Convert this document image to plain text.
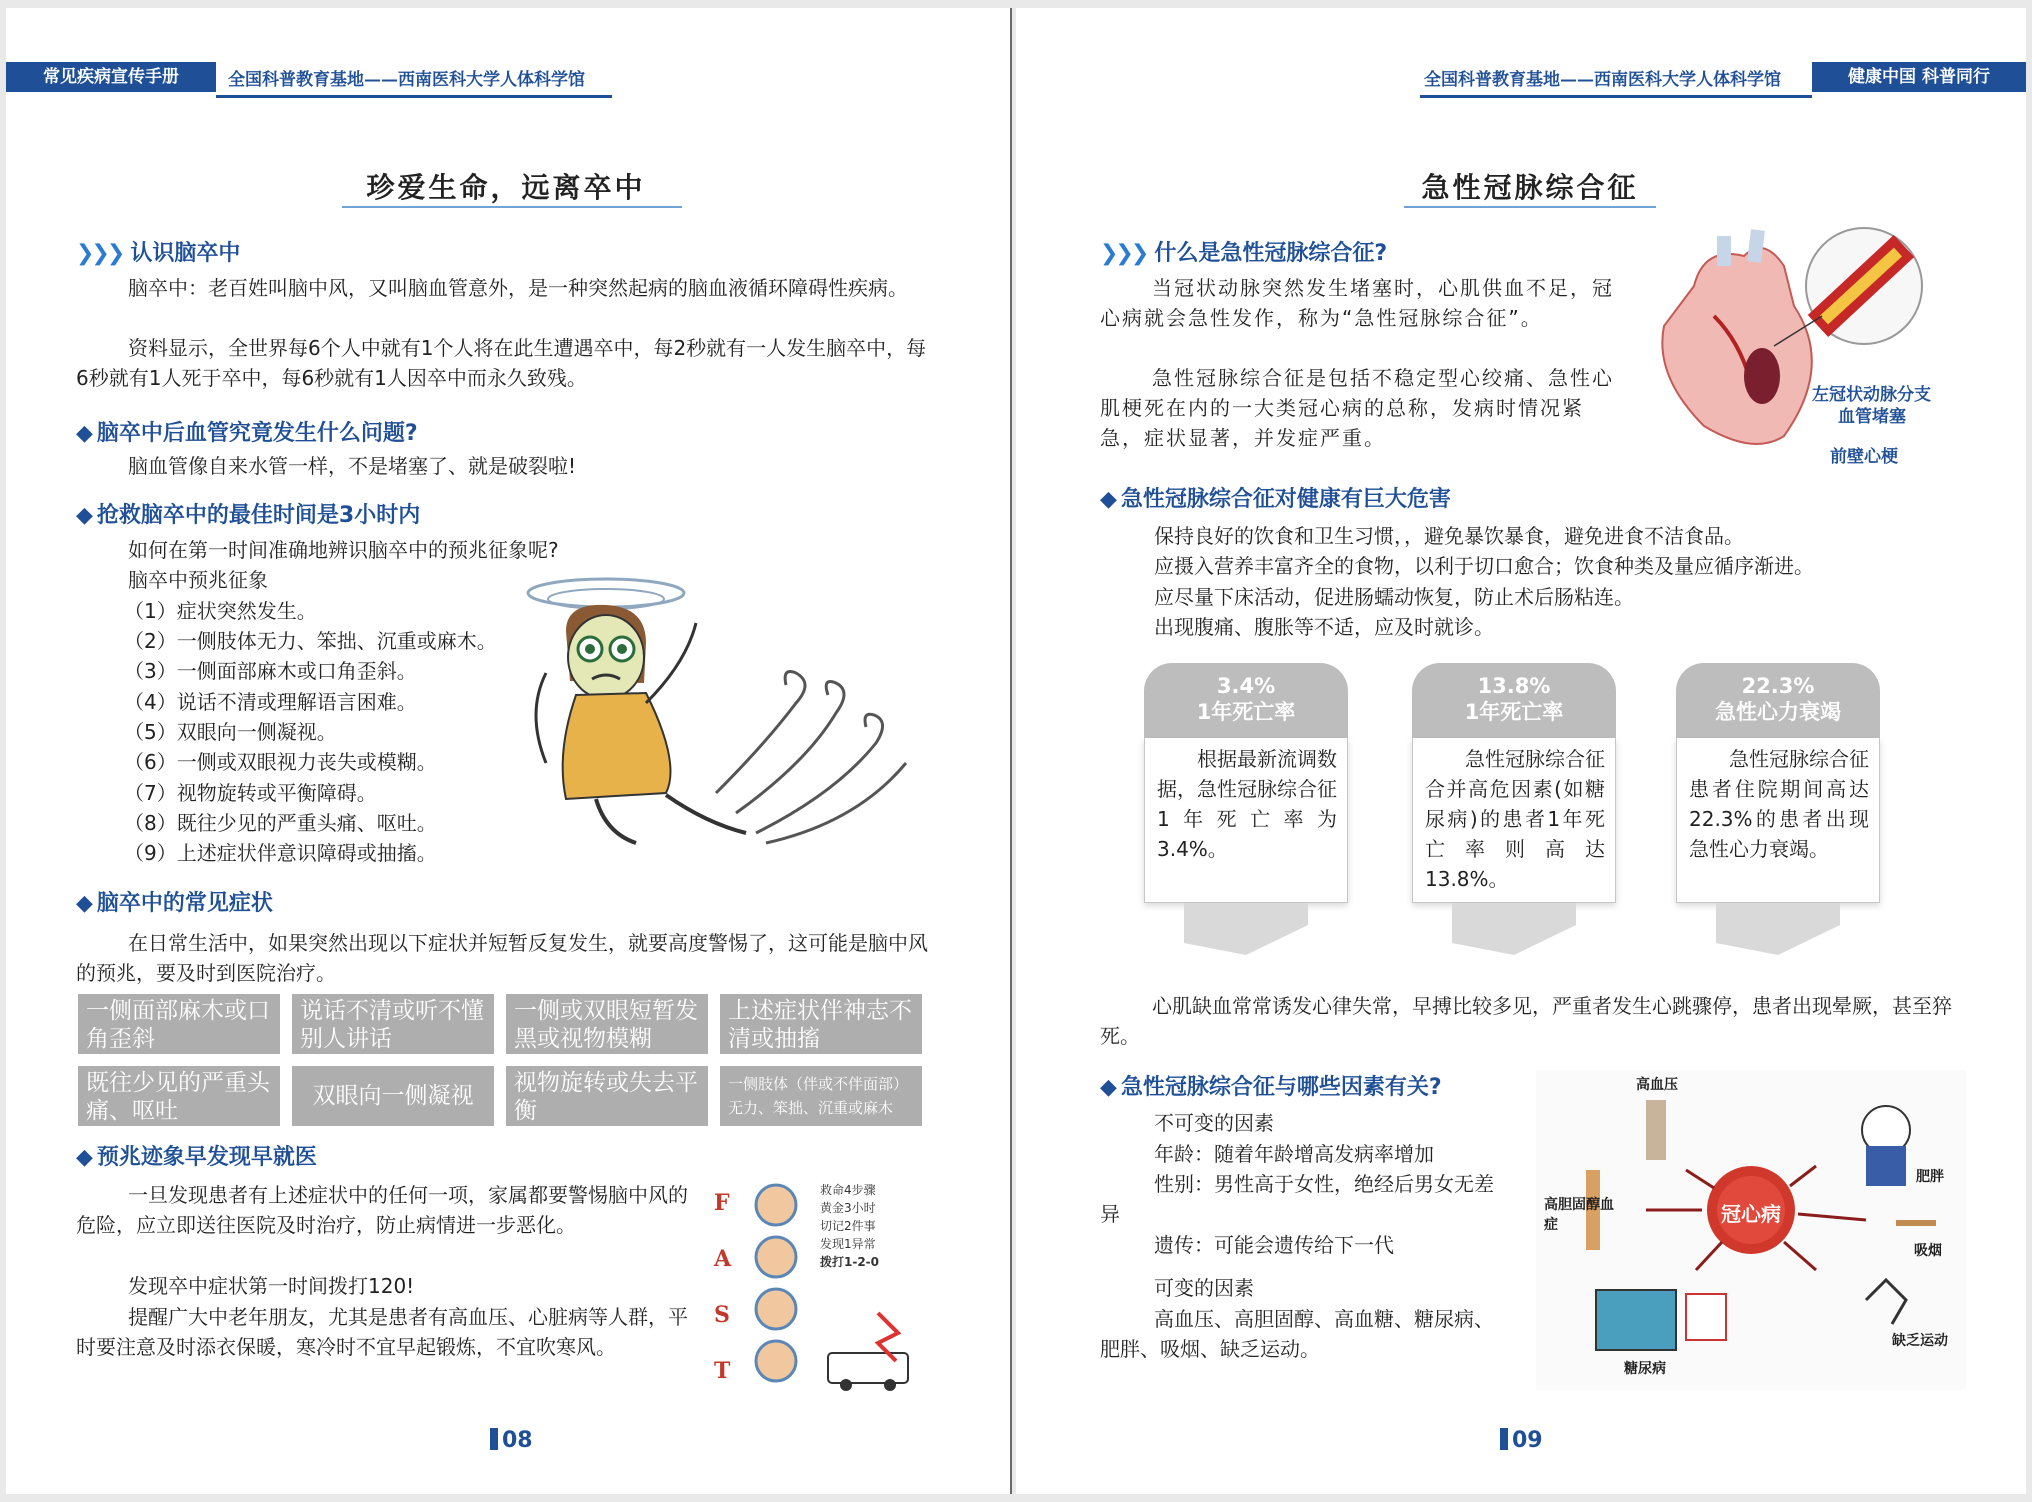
常见疾病宣传手册	全国科普教育基地——西南医科大学人体科学馆
珍爱生命，远离卒中
❯❯❯ 认识脑卒中
脑卒中：老百姓叫脑中风，又叫脑血管意外，是一种突然起病的脑血液循环障碍性疾病。
资料显示，全世界每6个人中就有1个人将在此生遭遇卒中，每2秒就有一人发生脑卒中，每6秒就有1人死于卒中，每6秒就有1人因卒中而永久致残。
◆ 脑卒中后血管究竟发生什么问题?
脑血管像自来水管一样，不是堵塞了、就是破裂啦!
◆ 抢救脑卒中的最佳时间是3小时内
如何在第一时间准确地辨识脑卒中的预兆征象呢?
脑卒中预兆征象
（1）症状突然发生。
（2）一侧肢体无力、笨拙、沉重或麻木。
（3）一侧面部麻木或口角歪斜。
（4）说话不清或理解语言困难。
（5）双眼向一侧凝视。
（6）一侧或双眼视力丧失或模糊。
（7）视物旋转或平衡障碍。
（8）既往少见的严重头痛、呕吐。
（9）上述症状伴意识障碍或抽搐。
◆ 脑卒中的常见症状
在日常生活中，如果突然出现以下症状并短暂反复发生，就要高度警惕了，这可能是脑中风的预兆，要及时到医院治疗。
一侧面部麻木或口角歪斜
说话不清或听不懂别人讲话
一侧或双眼短暂发黑或视物模糊
上述症状伴神志不清或抽搐
既往少见的严重头痛、呕吐
双眼向一侧凝视	视物旋转或失去平衡
一侧肢体（伴或不伴面部）无力、笨拙、沉重或麻木
◆ 预兆迹象早发现早就医
一旦发现患者有上述症状中的任何一项，家属都要警惕脑中风的危险，应立即送往医院及时治疗，防止病情进一步恶化。
发现卒中症状第一时间拨打120!
提醒广大中老年朋友，尤其是患者有高血压、心脏病等人群，平时要注意及时添衣保暖，寒冷时不宜早起锻炼，不宜吹寒风。
F
A
S
T
救命4步骤
黄金3小时
切记2件事
发现1异常
拨打1-2-0
08
全国科普教育基地——西南医科大学人体科学馆	健康中国 科普同行
急性冠脉综合征
❯❯❯ 什么是急性冠脉综合征?
当冠状动脉突然发生堵塞时，心肌供血不足，冠心病就会急性发作，称为“急性冠脉综合征”。
急性冠脉综合征是包括不稳定型心绞痛、急性心肌梗死在内的一大类冠心病的总称，发病时情况紧急，症状显著，并发症严重。
左冠状动脉分支
血管堵塞
前壁心梗
◆ 急性冠脉综合征对健康有巨大危害
保持良好的饮食和卫生习惯，，避免暴饮暴食，避免进食不洁食品。
应摄入营养丰富齐全的食物，以利于切口愈合；饮食种类及量应循序渐进。
应尽量下床活动，促进肠蠕动恢复，防止术后肠粘连。
出现腹痛、腹胀等不适，应及时就诊。
3.4%
1年死亡率
根据最新流调数据，急性冠脉综合征1年死亡率为3.4%。
13.8%
1年死亡率
急性冠脉综合征合并高危因素(如糖尿病)的患者1年死亡率则高达13.8%。
22.3%
急性心力衰竭
急性冠脉综合征患者住院期间高达22.3%的患者出现急性心力衰竭。
心肌缺血常常诱发心律失常，早搏比较多见，严重者发生心跳骤停，患者出现晕厥，甚至猝死。
◆ 急性冠脉综合征与哪些因素有关?
不可变的因素
年龄：随着年龄增高发病率增加
性别：男性高于女性，绝经后男女无差异
遗传：可能会遗传给下一代
可变的因素
高血压、高胆固醇、高血糖、糖尿病、肥胖、吸烟、缺乏运动。
冠心病
高血压
肥胖
高胆固醇血症
吸烟
糖尿病
缺乏运动
09
